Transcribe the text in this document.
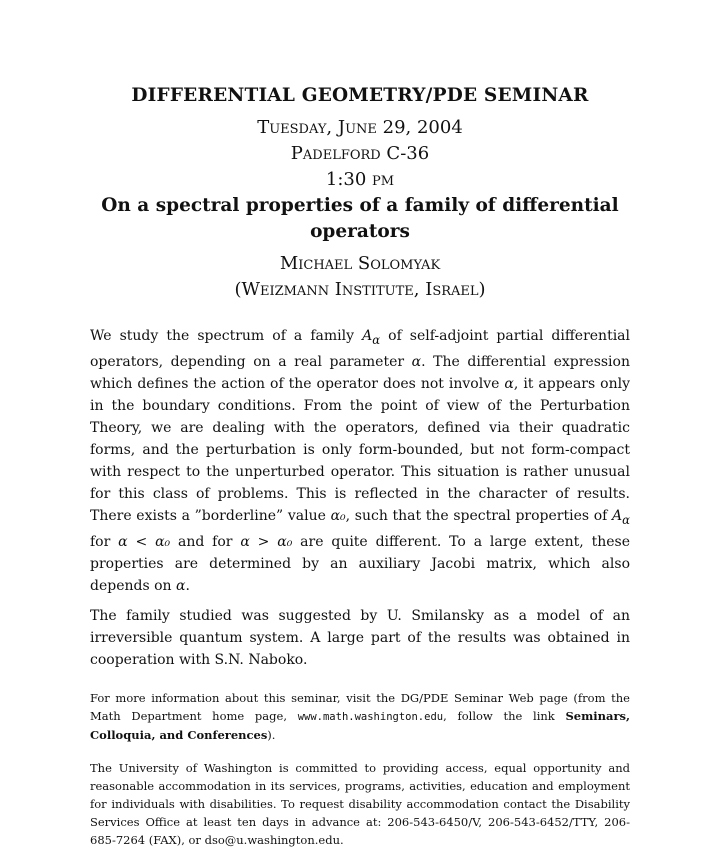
DIFFERENTIAL GEOMETRY/PDE SEMINAR
Tuesday, June 29, 2004
Padelford C-36
1:30 pm
On a spectral properties of a family of differential operators
Michael Solomyak
(Weizmann Institute, Israel)

We study the spectrum of a family $A_\alpha$ of self-adjoint partial differential operators, depending on a real parameter α. The differential expression which defines the action of the operator does not involve α, it appears only in the boundary conditions. From the point of view of the Perturbation Theory, we are dealing with the operators, defined via their quadratic forms, and the perturbation is only form-bounded, but not form-compact with respect to the unperturbed operator. This situation is rather unusual for this class of problems. This is reflected in the character of results. There exists a ”borderline” value α₀, such that the spectral properties of $A_\alpha$ for α < α₀ and for α > α₀ are quite different. To a large extent, these properties are determined by an auxiliary Jacobi matrix, which also depends on α.

The family studied was suggested by U. Smilansky as a model of an irreversible quantum system. A large part of the results was obtained in cooperation with S.N. Naboko.

For more information about this seminar, visit the DG/PDE Seminar Web page (from the Math Department home page, www.math.washington.edu, follow the link Seminars, Colloquia, and Conferences).

The University of Washington is committed to providing access, equal opportunity and reasonable accommodation in its services, programs, activities, education and employment for individuals with disabilities. To request disability accommodation contact the Disability Services Office at least ten days in advance at: 206-543-6450/V, 206-543-6452/TTY, 206-685-7264 (FAX), or dso@u.washington.edu.
